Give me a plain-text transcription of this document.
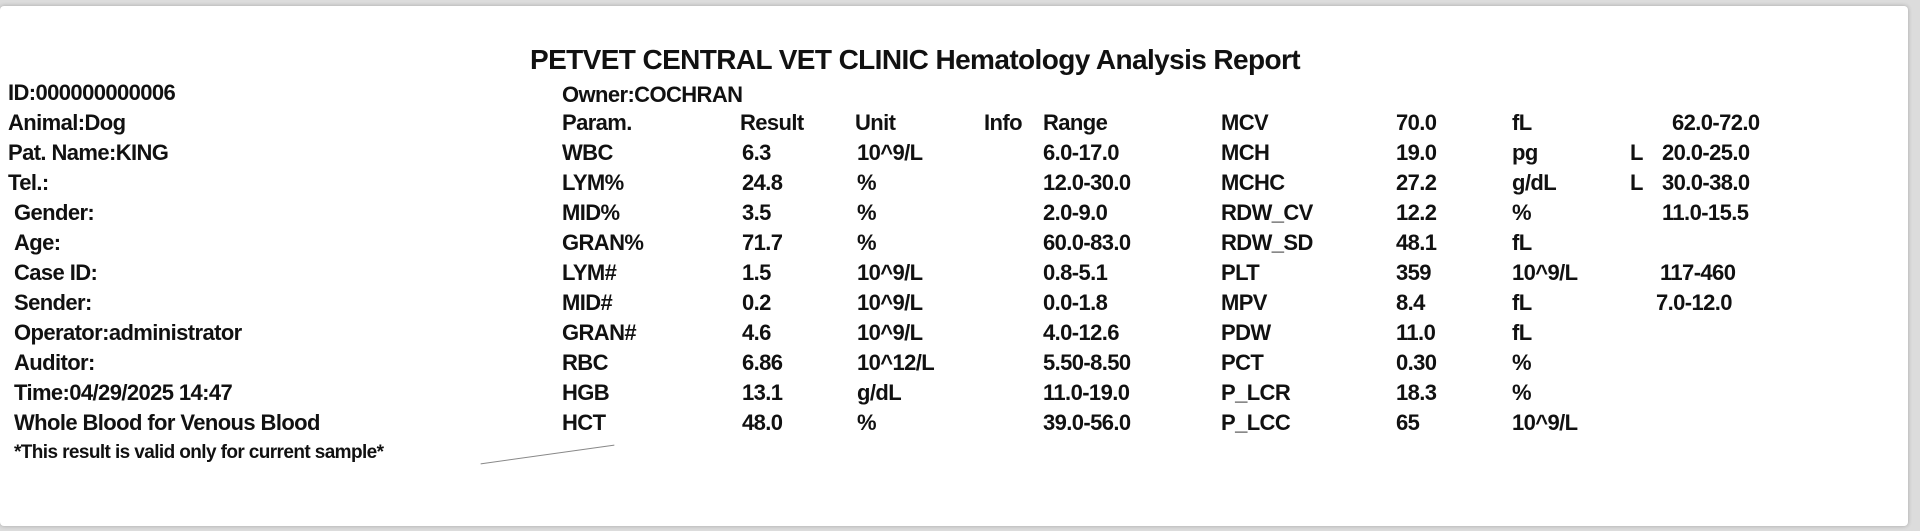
PETVET CENTRAL VET CLINIC Hematology Analysis Report
Owner:COCHRAN
ID:000000000006
Animal:Dog
Pat. Name:KING
Tel.:
Gender:
Age:
Case ID:
Sender:
Operator:administrator
Auditor:
Time:04/29/2025 14:47
Whole Blood for Venous Blood
*This result is valid only for current sample*
Param.	Result Unit	Info Range
WBC	6.3	10^9/L	6.0-17.0
LYM%	24.8	%	12.0-30.0
MID%	3.5	%	2.0-9.0
GRAN%	71.7	%	60.0-83.0
LYM#	1.5	10^9/L	0.8-5.1
MID#	0.2	10^9/L	0.0-1.8
GRAN#	4.6	10^9/L	4.0-12.6
RBC	6.86	10^12/L	5.50-8.50
HGB	13.1	g/dL	11.0-19.0
HCT	48.0	%	39.0-56.0
MCV	70.0	fL	62.0-72.0
MCH	19.0	pg	L 20.0-25.0
MCHC	27.2	g/dL	L 30.0-38.0
RDW_CV	12.2	%	11.0-15.5
RDW_SD	48.1	fL
PLT	359	10^9/L	117-460
MPV	8.4	fL	7.0-12.0
PDW	11.0	fL
PCT	0.30	%
P_LCR	18.3	%
P_LCC	65	10^9/L
